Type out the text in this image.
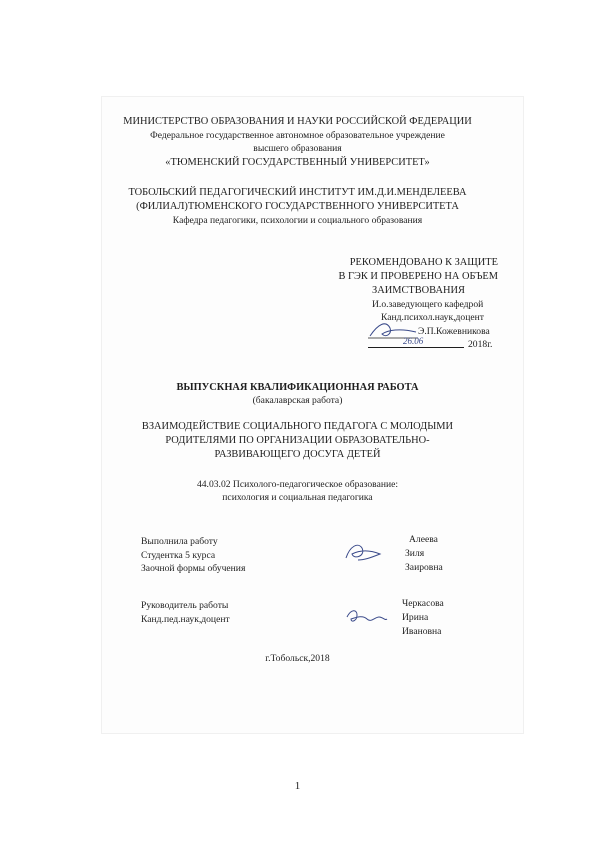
МИНИСТЕРСТВО ОБРАЗОВАНИЯ И НАУКИ РОССИЙСКОЙ ФЕДЕРАЦИИ
Федеральное государственное автономное образовательное учреждение
высшего образования
«ТЮМЕНСКИЙ ГОСУДАРСТВЕННЫЙ УНИВЕРСИТЕТ»
ТОБОЛЬСКИЙ ПЕДАГОГИЧЕСКИЙ ИНСТИТУТ ИМ.Д.И.МЕНДЕЛЕЕВА
(ФИЛИАЛ)ТЮМЕНСКОГО ГОСУДАРСТВЕННОГО УНИВЕРСИТЕТА
Кафедра педагогики, психологии и социального образования
РЕКОМЕНДОВАНО К ЗАЩИТЕ
В ГЭК И ПРОВЕРЕНО НА ОБЪЕМ
ЗАИМСТВОВАНИЯ
И.о.заведующего кафедрой
Канд.психол.наук,доцент
Э.П.Кожевникова
26.06	2018г.
ВЫПУСКНАЯ КВАЛИФИКАЦИОННАЯ РАБОТА
(бакалаврская работа)
ВЗАИМОДЕЙСТВИЕ СОЦИАЛЬНОГО ПЕДАГОГА С МОЛОДЫМИ
РОДИТЕЛЯМИ ПО ОРГАНИЗАЦИИ ОБРАЗОВАТЕЛЬНО-
РАЗВИВАЮЩЕГО ДОСУГА ДЕТЕЙ
44.03.02 Психолого-педагогическое образование:
психология и социальная педагогика
Выполнила работу
Студентка 5 курса
Заочной формы обучения
Алеева
Зиля
Заировна
Руководитель работы
Канд.пед.наук,доцент
Черкасова
Ирина
Ивановна
г.Тобольск,2018
1
